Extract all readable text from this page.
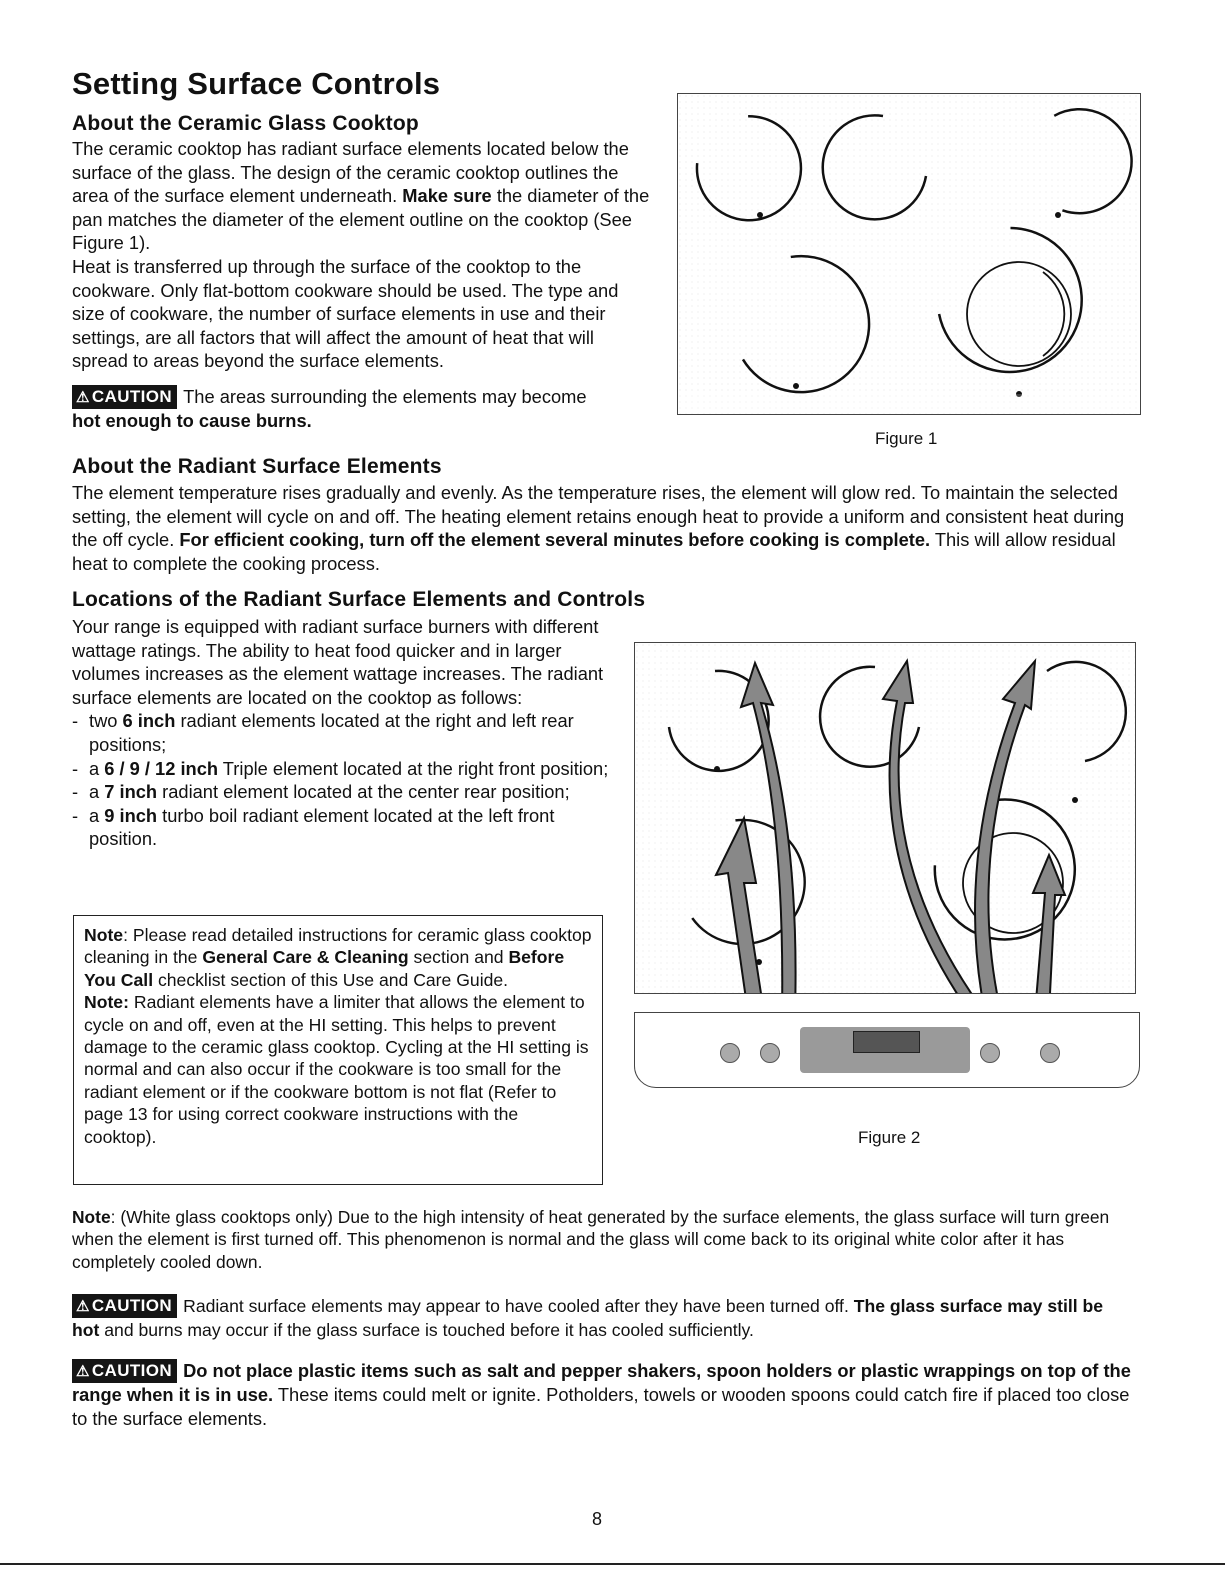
Setting Surface Controls
About the Ceramic Glass Cooktop
The ceramic cooktop has radiant surface elements located below the surface of the glass. The design of the ceramic cooktop outlines the area of the surface element underneath. Make sure the diameter of the pan matches the diameter of the element outline on the cooktop (See Figure 1).
Heat is transferred up through the surface of the cooktop to the cookware. Only flat-bottom cookware should be used. The type and size of cookware, the number of surface elements in use and their settings, are all factors that will affect the amount of heat that will spread to areas beyond the surface elements.
⚠ CAUTION The areas surrounding the elements may become
hot enough to cause burns.
Figure 1
About the Radiant Surface Elements
The element temperature rises gradually and evenly. As the temperature rises, the element will glow red. To maintain the selected setting, the element will cycle on and off. The heating element retains enough heat to provide a uniform and consistent heat during the off cycle. For efficient cooking, turn off the element several minutes before cooking is complete. This will allow residual heat to complete the cooking process.
Locations of the Radiant Surface Elements and Controls
Your range is equipped with radiant surface burners with different wattage ratings. The ability to heat food quicker and in larger volumes increases as the element wattage increases. The radiant surface elements are located on the cooktop as follows:
- two 6 inch radiant elements located at the right and left rear positions;
- a 6 / 9 / 12 inch Triple element located at the right front position;
- a 7 inch radiant element located at the center rear position;
- a 9 inch turbo boil radiant element located at the left front position.
Note: Please read detailed instructions for ceramic glass cooktop cleaning in the General Care & Cleaning section and Before You Call checklist section of this Use and Care Guide.
Note: Radiant elements have a limiter that allows the element to cycle on and off, even at the HI setting. This helps to prevent damage to the ceramic glass cooktop. Cycling at the HI setting is normal and can also occur if the cookware is too small for the radiant element or if the cookware bottom is not flat (Refer to page 13 for using correct cookware instructions with the cooktop).	Figure 2
Note: (White glass cooktops only) Due to the high intensity of heat generated by the surface elements, the glass surface will turn green when the element is first turned off. This phenomenon is normal and the glass will come back to its original white color after it has completely cooled down.
⚠ CAUTION Radiant surface elements may appear to have cooled after they have been turned off. The glass surface may still be hot and burns may occur if the glass surface is touched before it has cooled sufficiently.
⚠ CAUTION Do not place plastic items such as salt and pepper shakers, spoon holders or plastic wrappings on top of the range when it is in use. These items could melt or ignite. Potholders, towels or wooden spoons could catch fire if placed too close to the surface elements.
8
